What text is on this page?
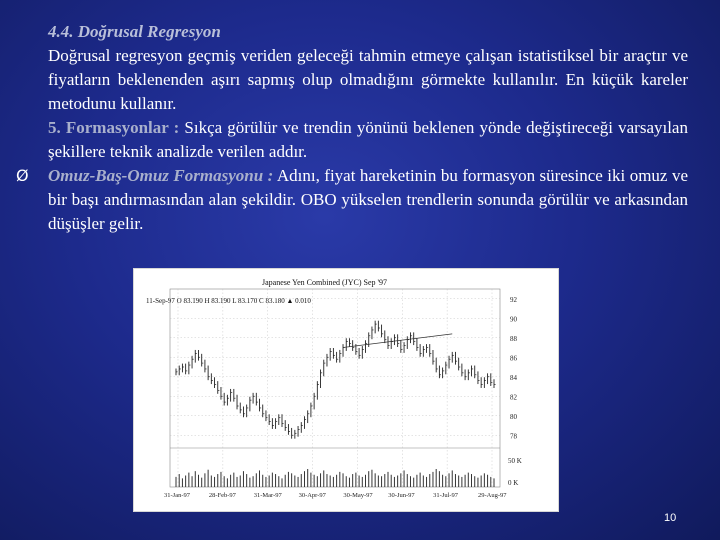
4.4. Doğrusal Regresyon

Doğrusal regresyon geçmiş veriden geleceği tahmin etmeye çalışan istatistiksel bir araçtır ve fiyatların beklenenden aşırı sapmış olup olmadığını görmekte kullanılır. En küçük kareler metodunu kullanır.

5. Formasyonlar : Sıkça görülür ve trendin yönünü beklenen yönde değiştireceği varsayılan şekillere teknik analizde verilen addır.

Ø Omuz-Baş-Omuz Formasyonu : Adını, fiyat hareketinin bu formasyon süresince iki omuz ve bir başı andırmasından alan şekildir. OBO yükselen trendlerin sonunda görülür ve arkasından düşüşler gelir.
Japanese Yen Combined (JYC) Sep '97
11-Sep-97 O 83.190 H 83.190 L 83.170 C 83.180 ▲ 0.010	92
90
88
86
84
82
80
78
50 K
0 K
31-Jan-97	28-Feb-97	31-Mar-97	30-Apr-97	30-May-97 30-Jun-97	31-Jul-97	29-Aug-97
10
